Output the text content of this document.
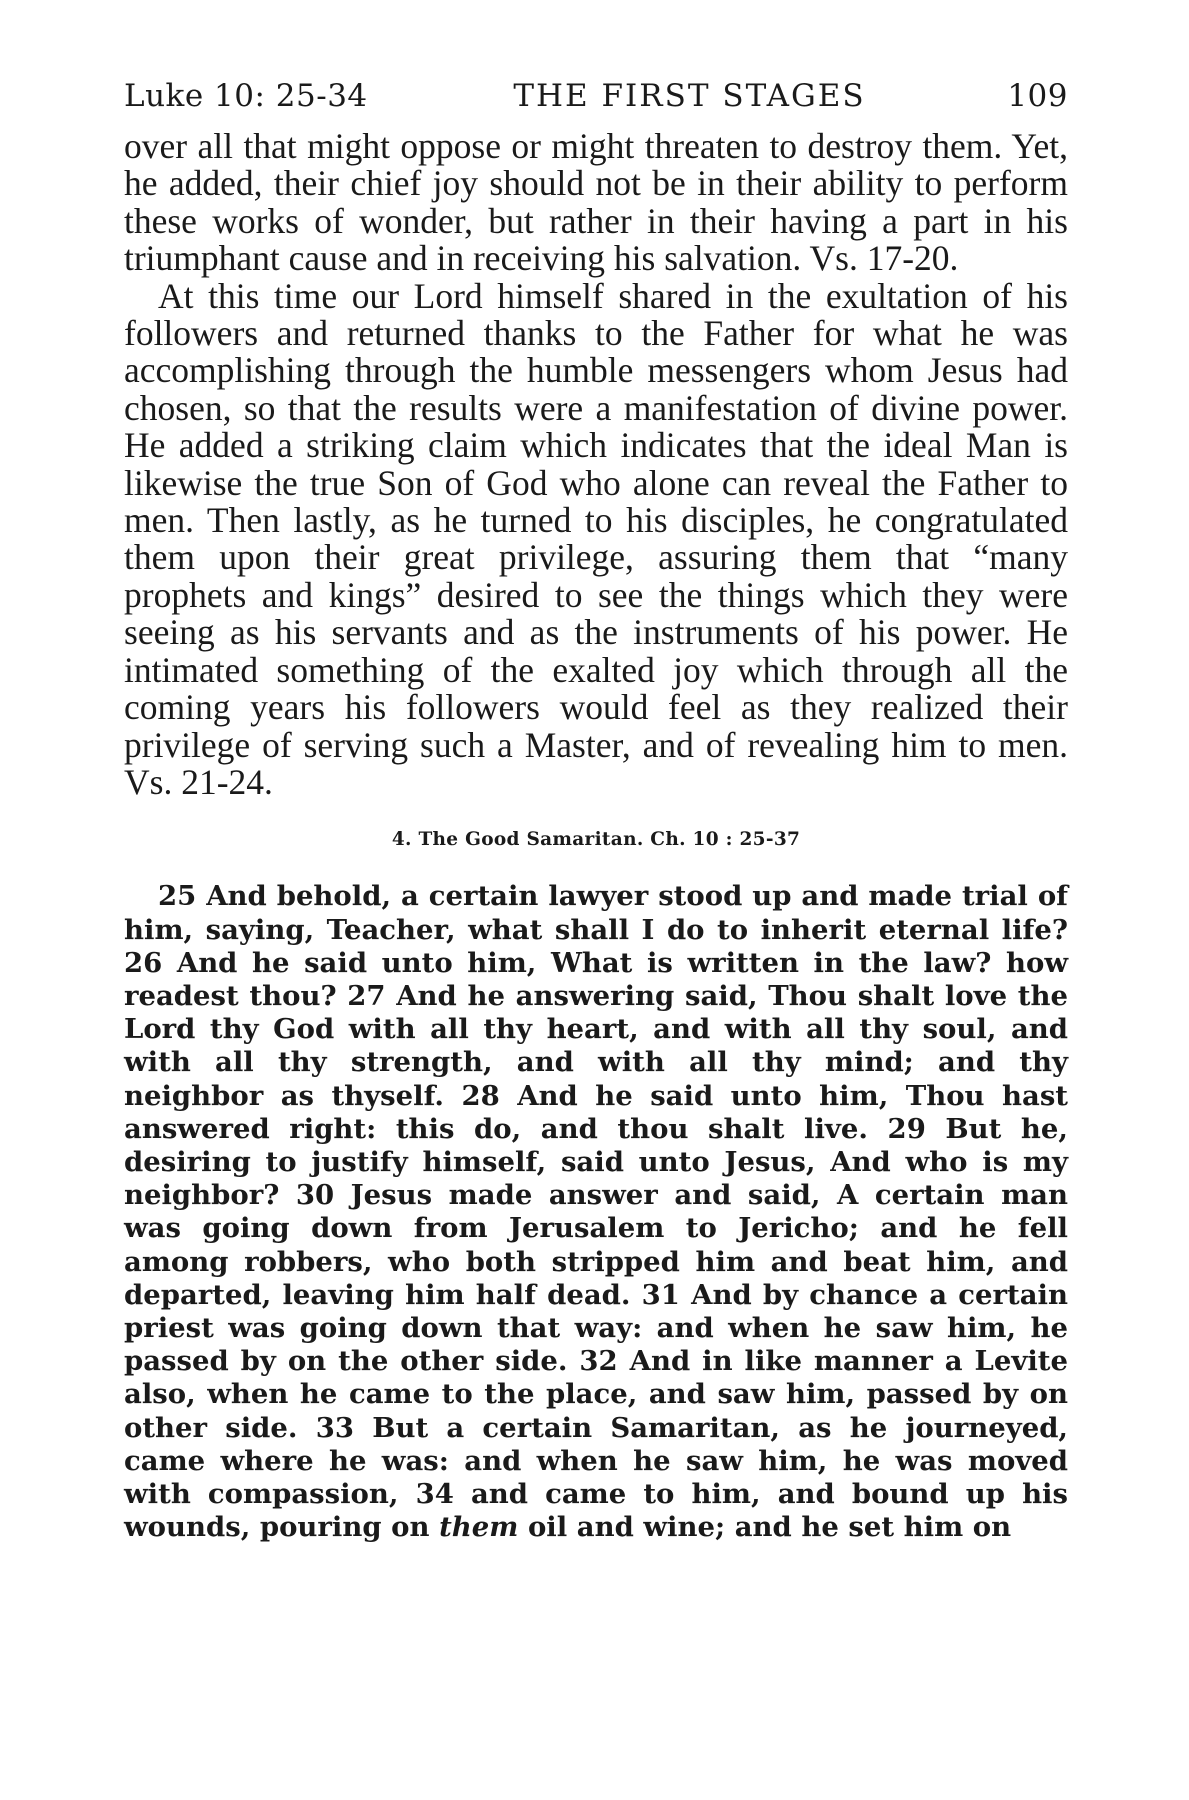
Luke 10: 25-34	THE FIRST STAGES	109

over all that might oppose or might threaten to destroy them. Yet, he added, their chief joy should not be in their ability to perform these works of wonder, but rather in their having a part in his triumphant cause and in receiving his salvation. Vs. 17-20.

At this time our Lord himself shared in the exultation of his followers and returned thanks to the Father for what he was accomplishing through the humble messengers whom Jesus had chosen, so that the results were a manifestation of divine power. He added a striking claim which indicates that the ideal Man is likewise the true Son of God who alone can reveal the Father to men. Then lastly, as he turned to his disciples, he congratulated them upon their great privilege, assuring them that “many prophets and kings” desired to see the things which they were seeing as his servants and as the instruments of his power. He intimated something of the exalted joy which through all the coming years his followers would feel as they realized their privilege of serving such a Master, and of revealing him to men. Vs. 21-24.

4. The Good Samaritan. Ch. 10 : 25-37

25 And behold, a certain lawyer stood up and made trial of him, saying, Teacher, what shall I do to inherit eternal life? 26 And he said unto him, What is written in the law? how readest thou? 27 And he answering said, Thou shalt love the Lord thy God with all thy heart, and with all thy soul, and with all thy strength, and with all thy mind; and thy neighbor as thyself. 28 And he said unto him, Thou hast answered right: this do, and thou shalt live. 29 But he, desiring to justify himself, said unto Jesus, And who is my neighbor? 30 Jesus made answer and said, A certain man was going down from Jerusalem to Jericho; and he fell among robbers, who both stripped him and beat him, and departed, leaving him half dead. 31 And by chance a certain priest was going down that way: and when he saw him, he passed by on the other side. 32 And in like manner a Levite also, when he came to the place, and saw him, passed by on other side. 33 But a certain Samaritan, as he journeyed, came where he was: and when he saw him, he was moved with compassion, 34 and came to him, and bound up his wounds, pouring on them oil and wine; and he set him on
